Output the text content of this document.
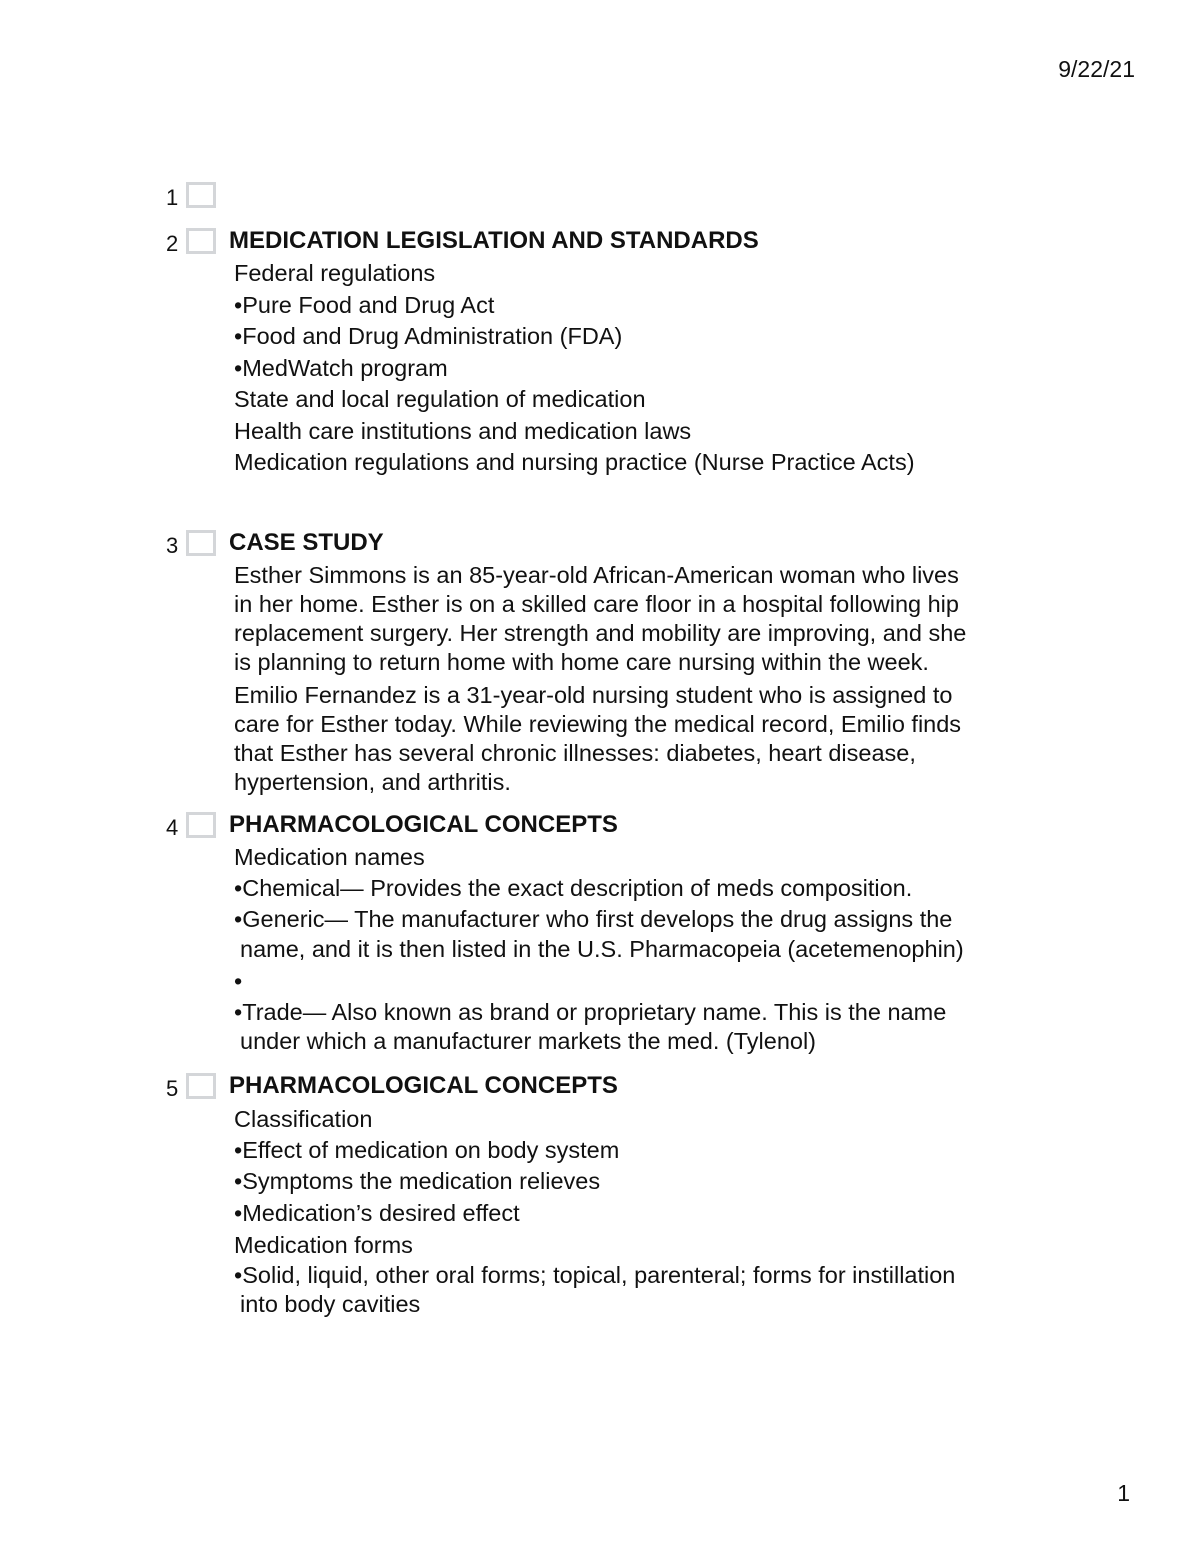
9/22/21
1
2 MEDICATION LEGISLATION AND STANDARDS
Federal regulations
•Pure Food and Drug Act
•Food and Drug Administration (FDA)
•MedWatch program
State and local regulation of medication
Health care institutions and medication laws
Medication regulations and nursing practice (Nurse Practice Acts)
3 CASE STUDY
Esther Simmons is an 85-year-old African-American woman who lives
in her home. Esther is on a skilled care floor in a hospital following hip
replacement surgery. Her strength and mobility are improving, and she
is planning to return home with home care nursing within the week.
Emilio Fernandez is a 31-year-old nursing student who is assigned to
care for Esther today. While reviewing the medical record, Emilio finds
that Esther has several chronic illnesses: diabetes, heart disease,
hypertension, and arthritis.
4 PHARMACOLOGICAL CONCEPTS
Medication names
•Chemical— Provides the exact description of meds composition.
•Generic— The manufacturer who first develops the drug assigns the
name, and it is then listed in the U.S. Pharmacopeia (acetemenophin)
•
•Trade— Also known as brand or proprietary name. This is the name
under which a manufacturer markets the med. (Tylenol)
5 PHARMACOLOGICAL CONCEPTS
Classification
•Effect of medication on body system
•Symptoms the medication relieves
•Medication’s desired effect
Medication forms
•Solid, liquid, other oral forms; topical, parenteral; forms for instillation
into body cavities
1
